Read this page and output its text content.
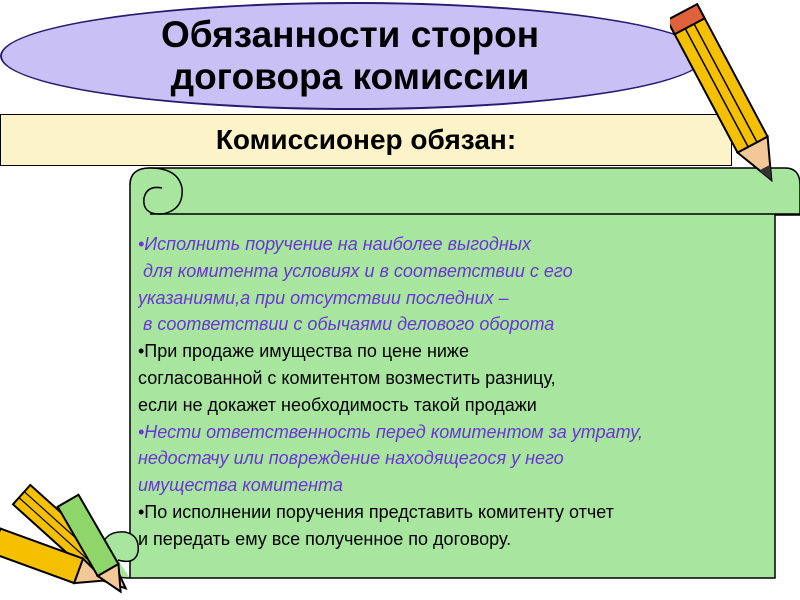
Обязанности сторон
договора комиссии
Комиссионер обязан:
•Исполнить поручение на наиболее выгодных
для комитента условиях и в соответствии с его
указаниями,а при отсутствии последних –
в соответствии с обычаями делового оборота
•При продаже имущества по цене ниже
согласованной с комитентом возместить разницу,
если не докажет необходимость такой продажи
•Нести ответственность перед комитентом за утрату,
недостачу или повреждение находящегося у него
имущества комитента
•По исполнении поручения представить комитенту отчет
и передать ему все полученное по договору.
